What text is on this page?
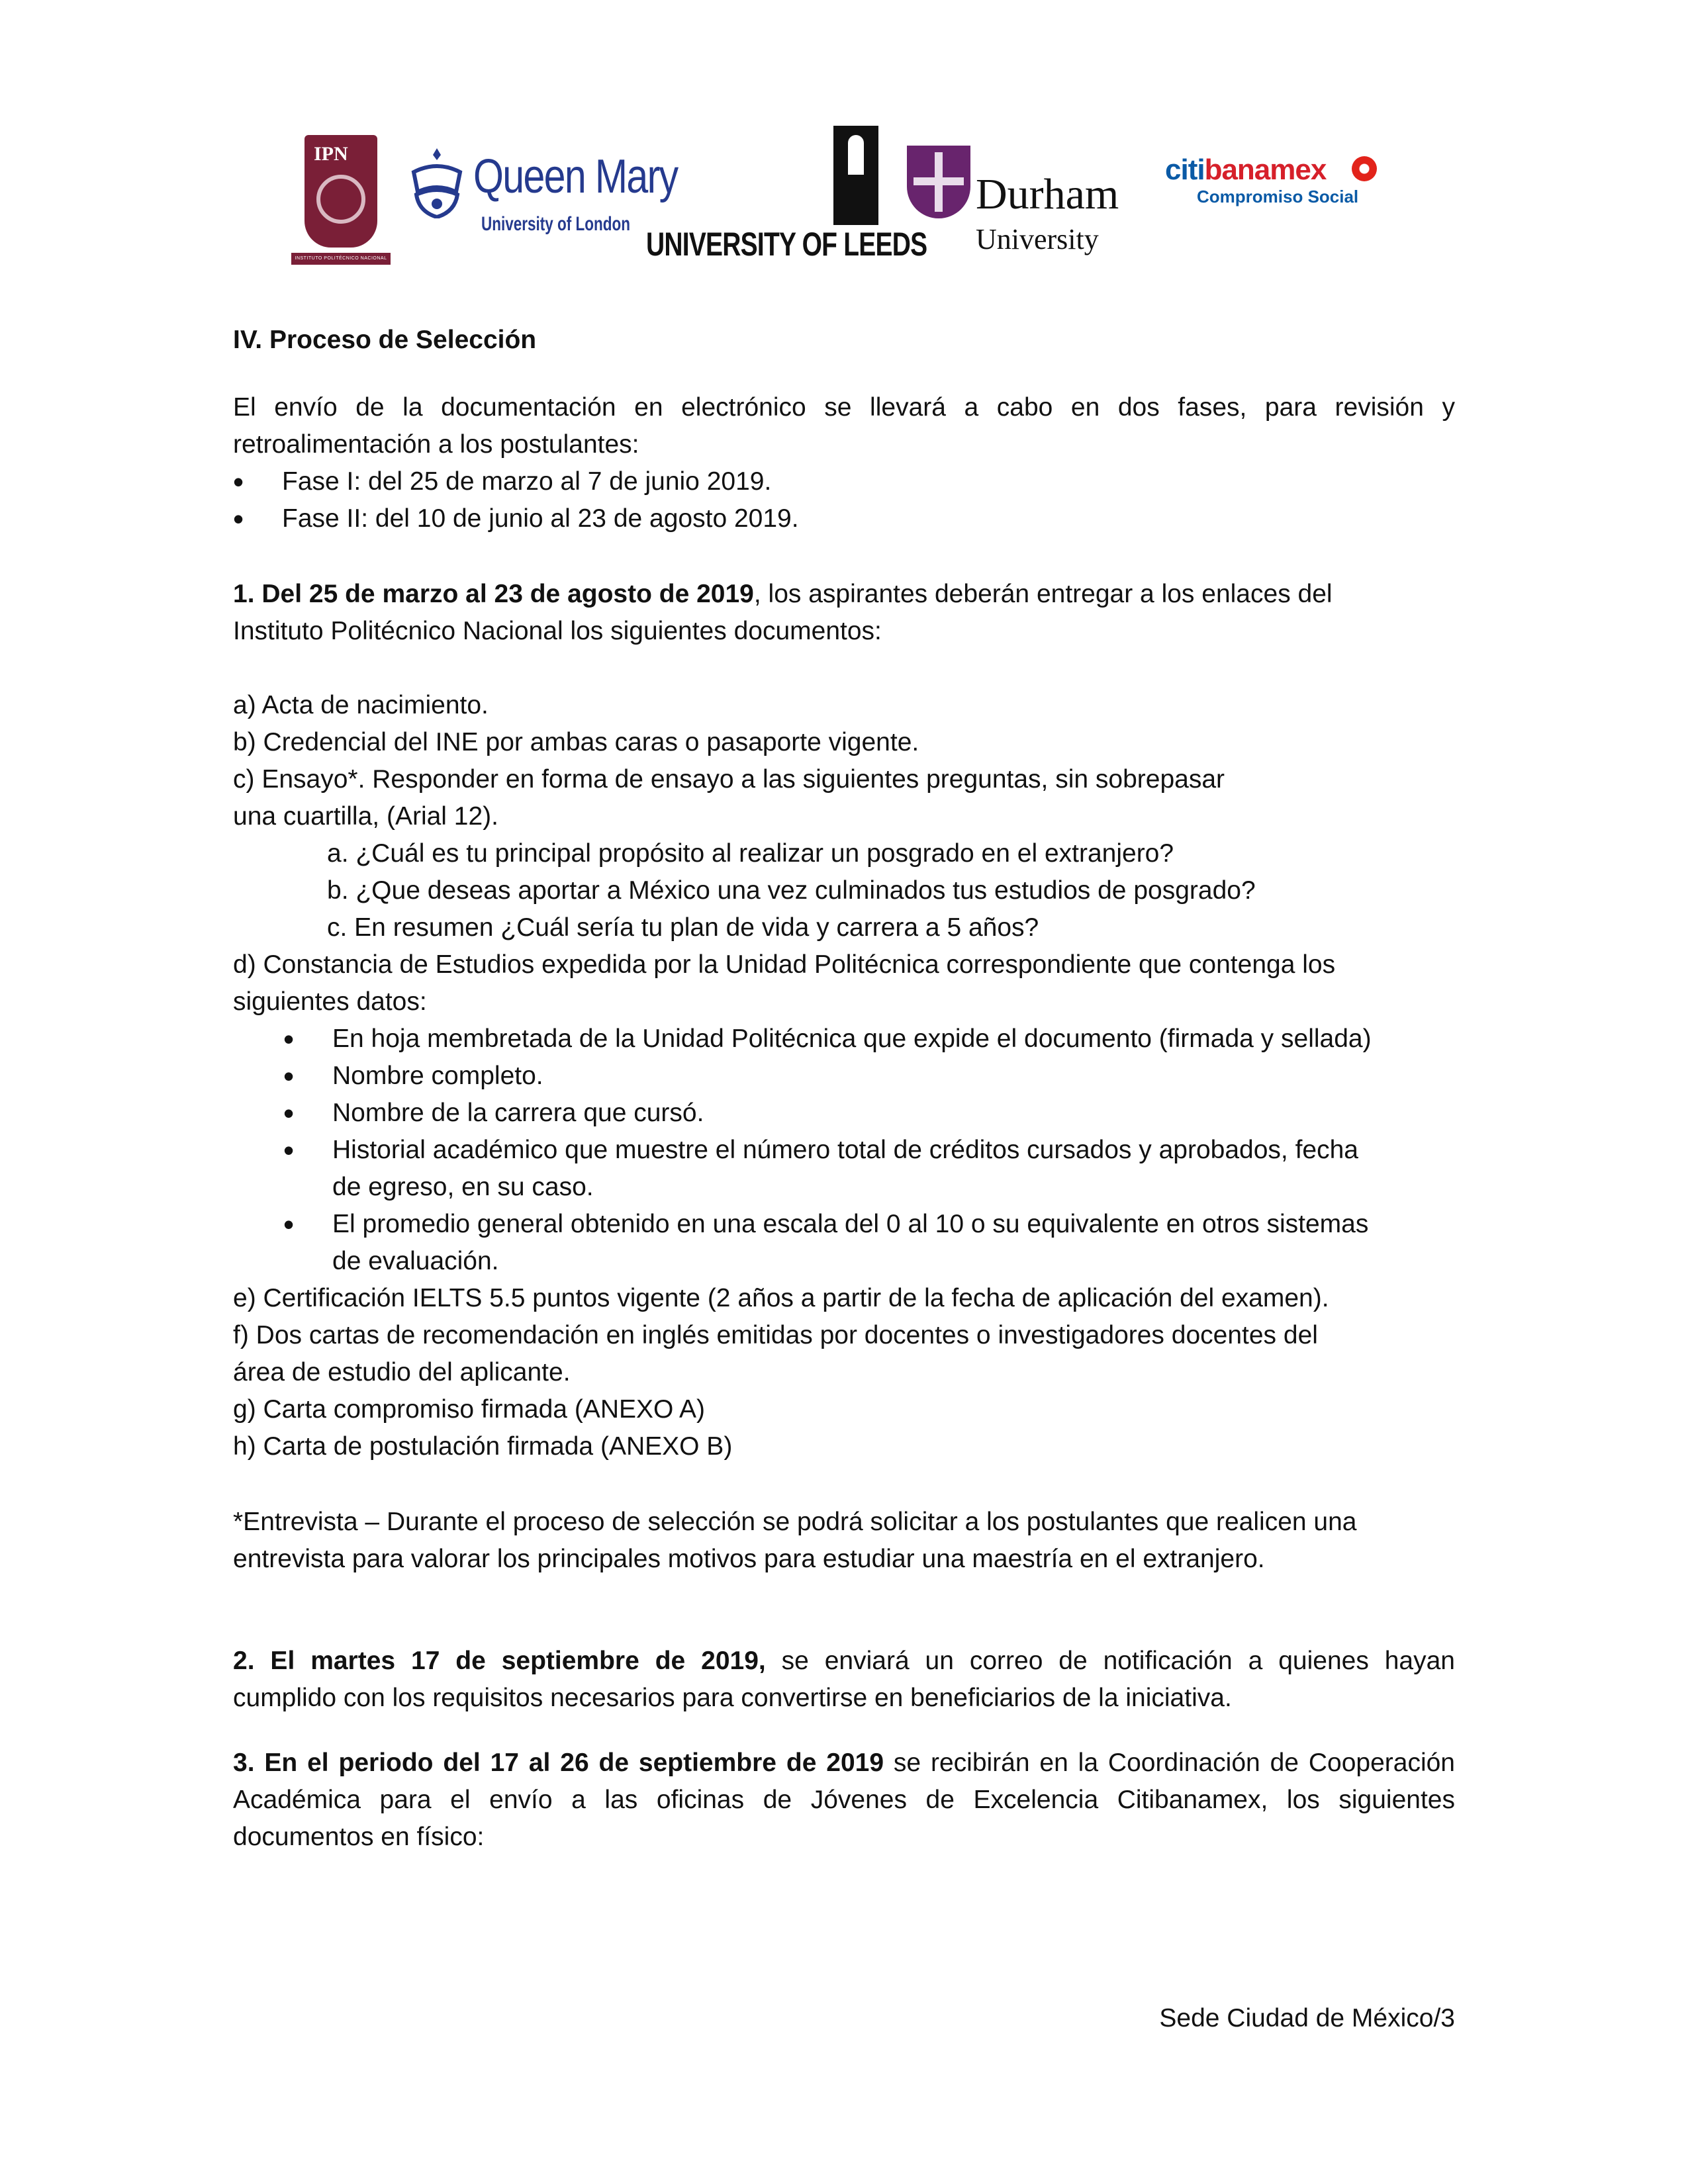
IPN
INSTITUTO POLITÉCNICO NACIONAL
Queen Mary
University of London
UNIVERSITY OF LEEDS
Durham
University
citibanamex
Compromiso Social
IV. Proceso de Selección
El envío de la documentación en electrónico se llevará a cabo en dos fases, para revisión y
retroalimentación a los postulantes:
• Fase I: del 25 de marzo al 7 de junio 2019.
• Fase II: del 10 de junio al 23 de agosto 2019.
1. Del 25 de marzo al 23 de agosto de 2019, los aspirantes deberán entregar a los enlaces del
Instituto Politécnico Nacional los siguientes documentos:
a) Acta de nacimiento.
b) Credencial del INE por ambas caras o pasaporte vigente.
c) Ensayo*. Responder en forma de ensayo a las siguientes preguntas, sin sobrepasar
una cuartilla, (Arial 12).
a. ¿Cuál es tu principal propósito al realizar un posgrado en el extranjero?
b. ¿Que deseas aportar a México una vez culminados tus estudios de posgrado?
c. En resumen ¿Cuál sería tu plan de vida y carrera a 5 años?
d) Constancia de Estudios expedida por la Unidad Politécnica correspondiente que contenga los
siguientes datos:
• En hoja membretada de la Unidad Politécnica que expide el documento (firmada y sellada)
• Nombre completo.
• Nombre de la carrera que cursó.
• Historial académico que muestre el número total de créditos cursados y aprobados, fecha
de egreso, en su caso.
• El promedio general obtenido en una escala del 0 al 10 o su equivalente en otros sistemas
de evaluación.
e) Certificación IELTS 5.5 puntos vigente (2 años a partir de la fecha de aplicación del examen).
f) Dos cartas de recomendación en inglés emitidas por docentes o investigadores docentes del
área de estudio del aplicante.
g) Carta compromiso firmada (ANEXO A)
h) Carta de postulación firmada (ANEXO B)
*Entrevista – Durante el proceso de selección se podrá solicitar a los postulantes que realicen una
entrevista para valorar los principales motivos para estudiar una maestría en el extranjero.
2. El martes 17 de septiembre de 2019, se enviará un correo de notificación a quienes hayan
cumplido con los requisitos necesarios para convertirse en beneficiarios de la iniciativa.
3. En el periodo del 17 al 26 de septiembre de 2019 se recibirán en la Coordinación de Cooperación
Académica para el envío a las oficinas de Jóvenes de Excelencia Citibanamex, los siguientes
documentos en físico:
Sede Ciudad de México/3
